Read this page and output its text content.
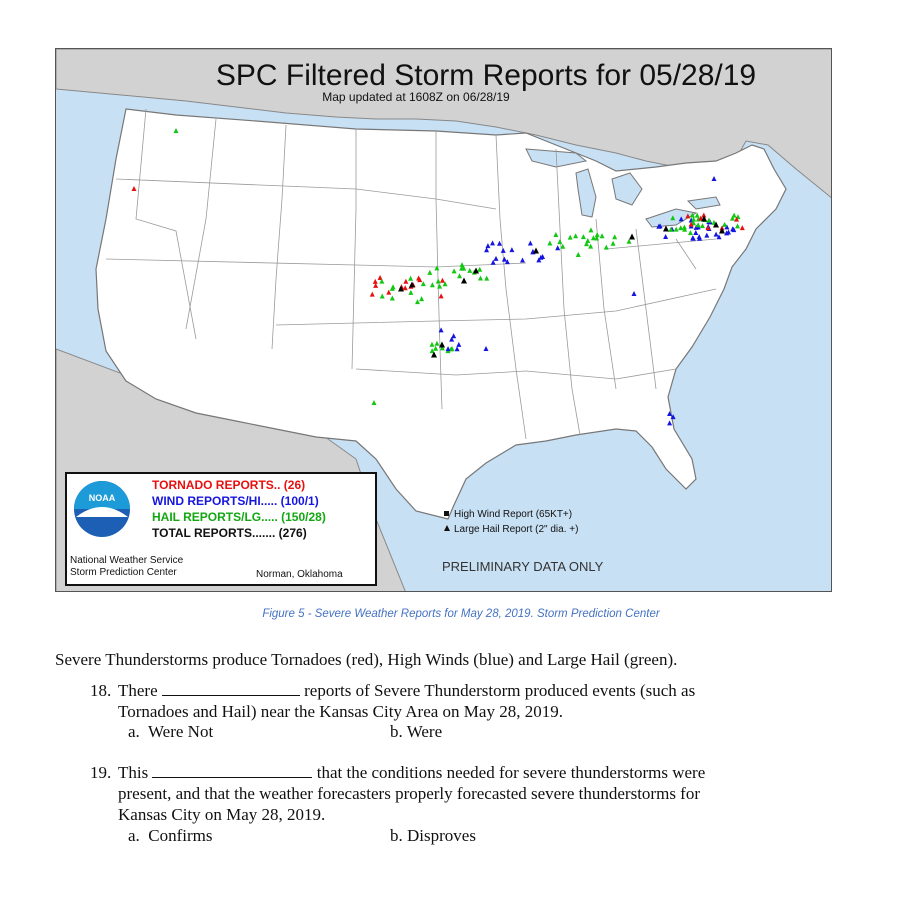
SPC Filtered Storm Reports for 05/28/19
Map updated at 1608Z on 06/28/19
NOAA
TORNADO REPORTS.. (26)
WIND REPORTS/HI..... (100/1)
HAIL REPORTS/LG..... (150/28)
TOTAL REPORTS....... (276)
National Weather Service
Storm Prediction Center	Norman, Oklahoma
High Wind Report (65KT+)
Large Hail Report (2" dia. +)
PRELIMINARY DATA ONLY
Figure 5 - Severe Weather Reports for May 28, 2019. Storm Prediction Center
Severe Thunderstorms produce Tornadoes (red), High Winds (blue) and Large Hail (green).
18. There	reports of Severe Thunderstorm produced events (such as
Tornadoes and Hail) near the Kansas City Area on May 28, 2019.
a. Were Not	b. Were
19. This	that the conditions needed for severe thunderstorms were
present, and that the weather forecasters properly forecasted severe thunderstorms for
Kansas City on May 28, 2019.
a. Confirms	b. Disproves
